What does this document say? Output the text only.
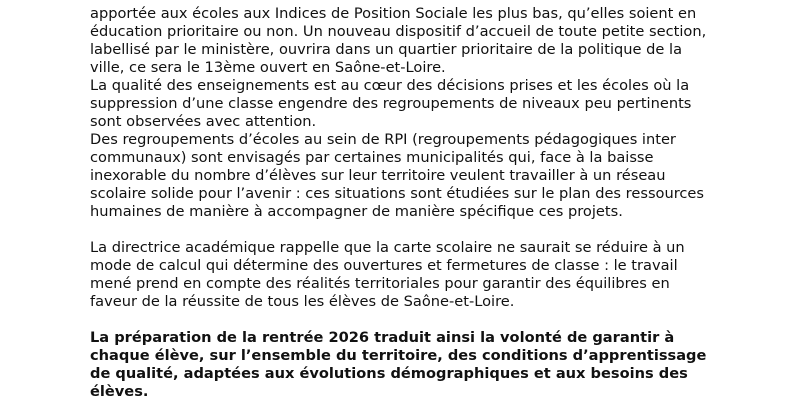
apportée aux écoles aux Indices de Position Sociale les plus bas, qu’elles soient en éducation prioritaire ou non. Un nouveau dispositif d’accueil de toute petite section, labellisé par le ministère, ouvrira dans un quartier prioritaire de la politique de la ville, ce sera le 13ème ouvert en Saône-et-Loire.

La qualité des enseignements est au cœur des décisions prises et les écoles où la suppression d’une classe engendre des regroupements de niveaux peu pertinents sont observées avec attention.

Des regroupements d’écoles au sein de RPI (regroupements pédagogiques inter communaux) sont envisagés par certaines municipalités qui, face à la baisse inexorable du nombre d’élèves sur leur territoire veulent travailler à un réseau scolaire solide pour l’avenir : ces situations sont étudiées sur le plan des ressources humaines de manière à accompagner de manière spécifique ces projets.

La directrice académique rappelle que la carte scolaire ne saurait se réduire à un mode de calcul qui détermine des ouvertures et fermetures de classe : le travail mené prend en compte des réalités territoriales pour garantir des équilibres en faveur de la réussite de tous les élèves de Saône-et-Loire.

La préparation de la rentrée 2026 traduit ainsi la volonté de garantir à chaque élève, sur l’ensemble du territoire, des conditions d’apprentissage de qualité, adaptées aux évolutions démographiques et aux besoins des élèves.
